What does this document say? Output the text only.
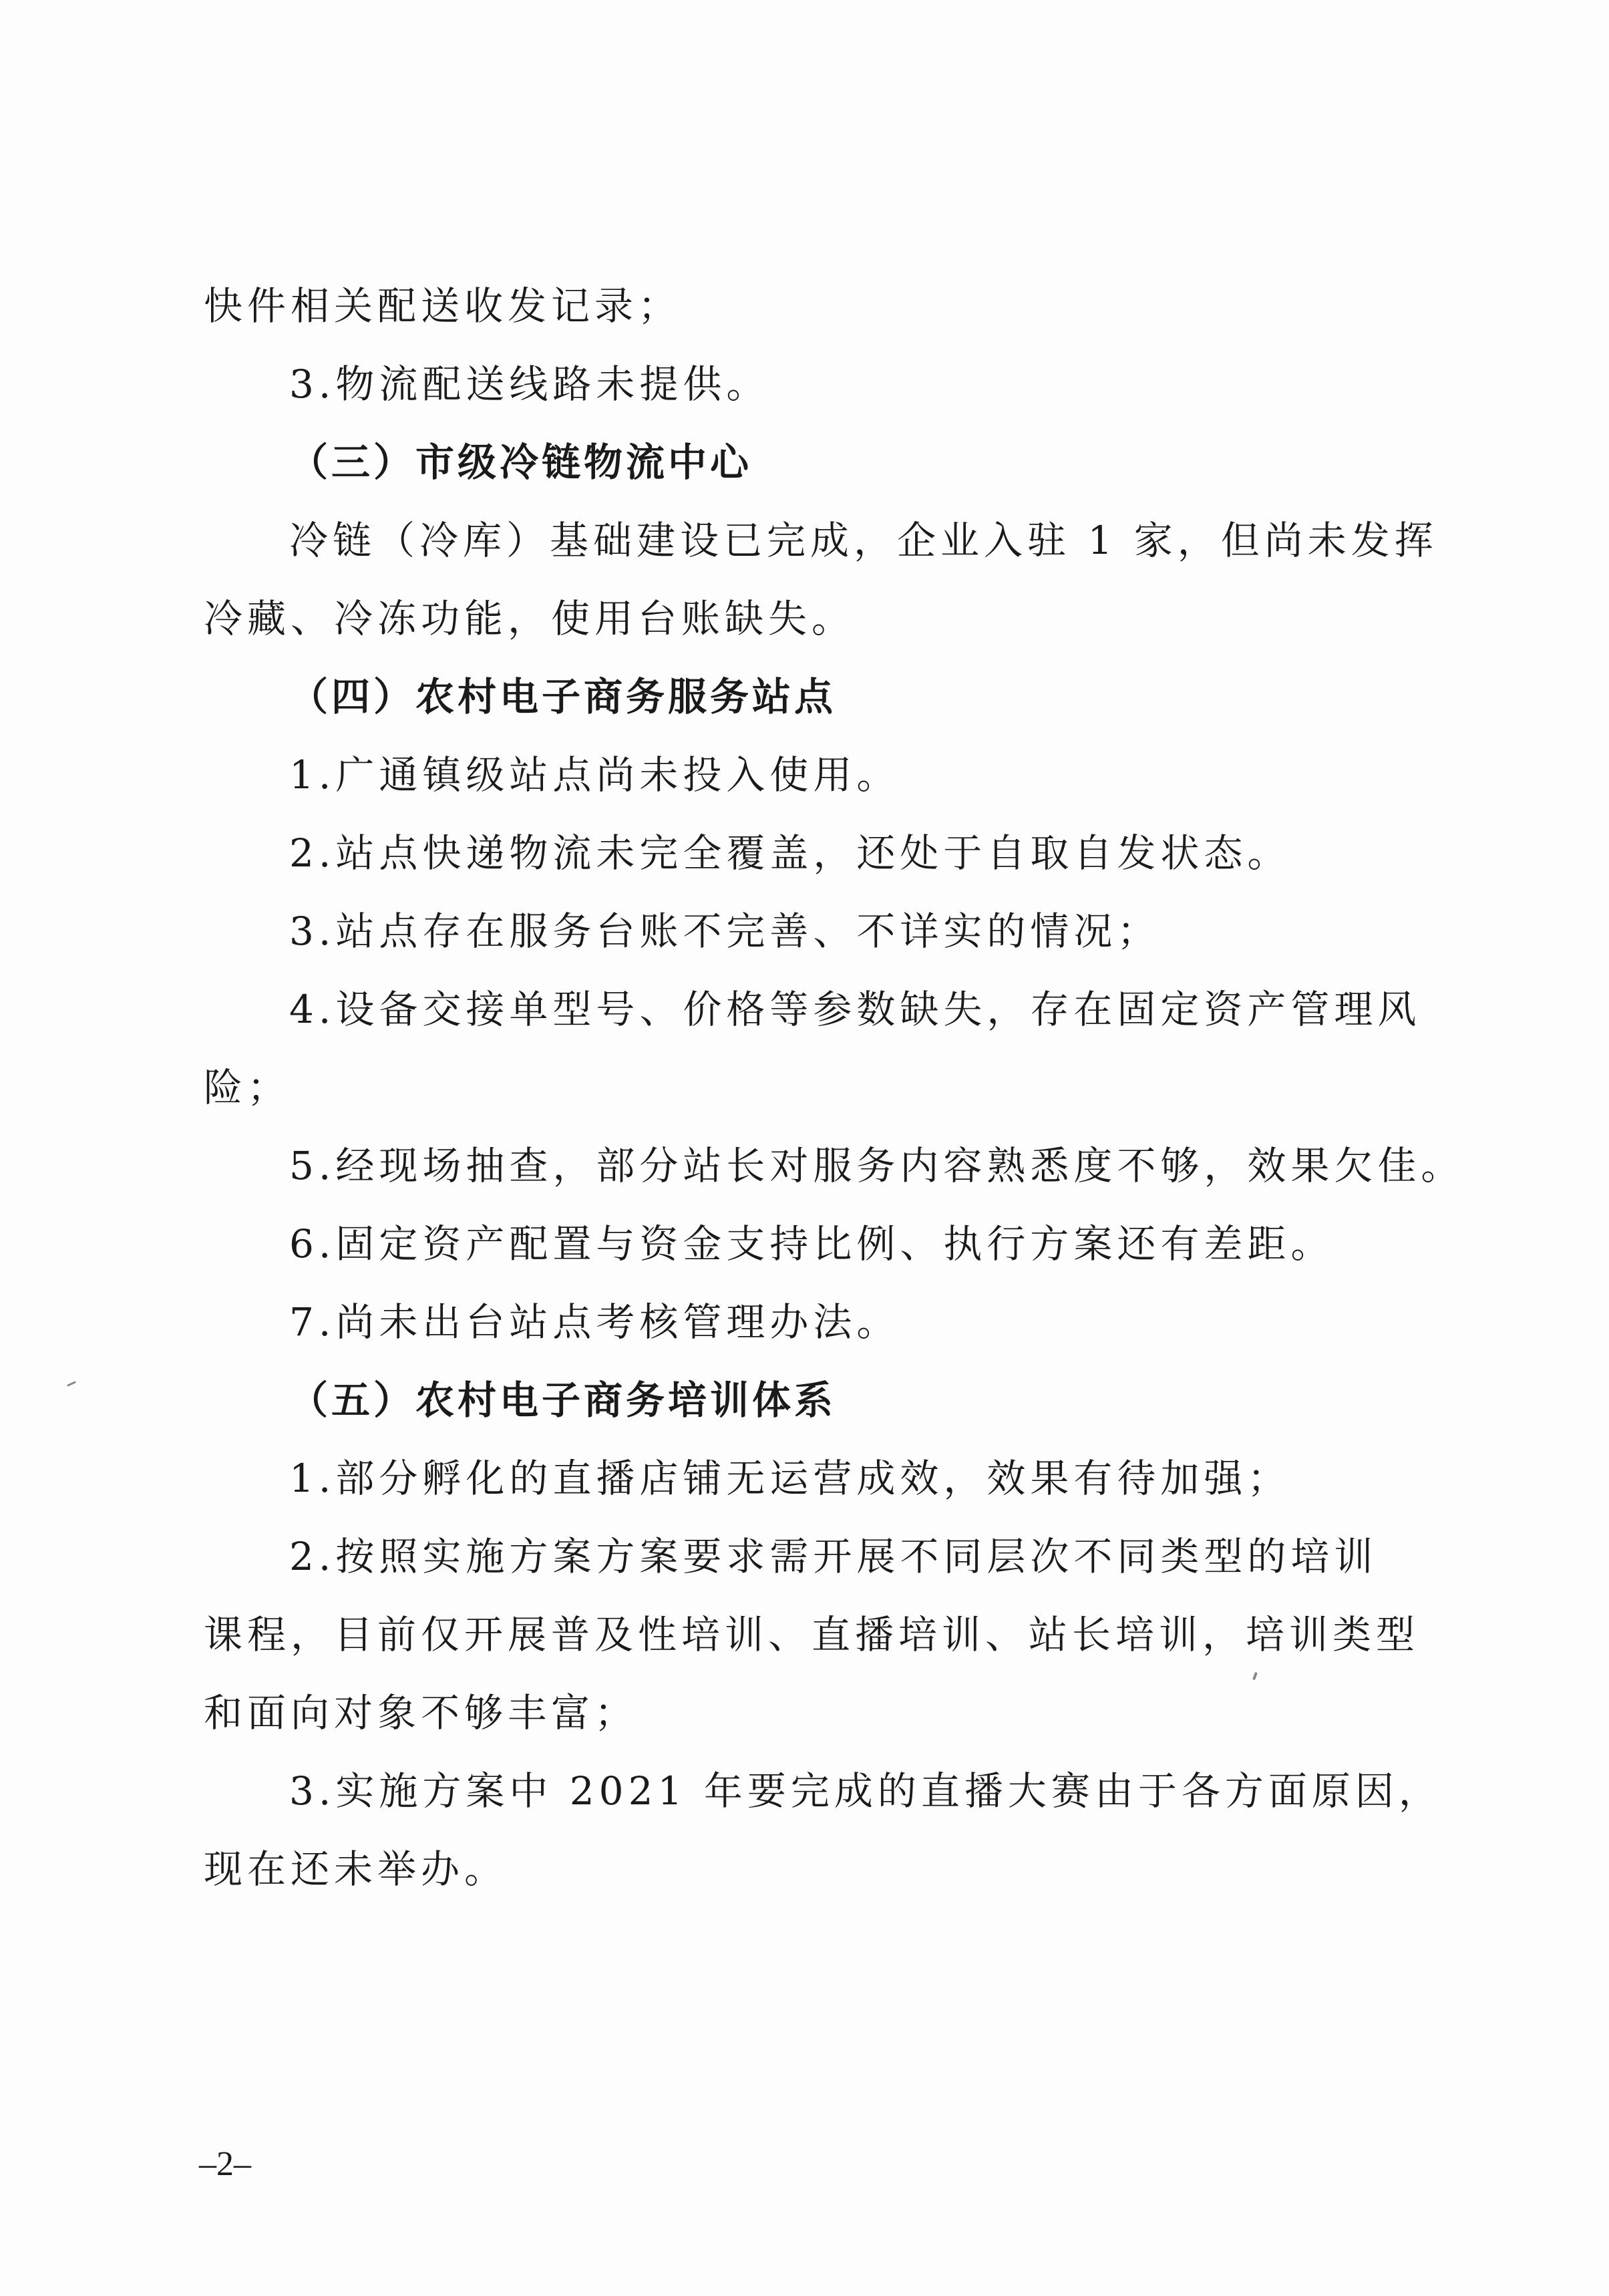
快件相关配送收发记录；
3.物流配送线路未提供。
（三）市级冷链物流中心
冷链（冷库）基础建设已完成，企业入驻 1 家，但尚未发挥
冷藏、冷冻功能，使用台账缺失。
（四）农村电子商务服务站点
1.广通镇级站点尚未投入使用。
2.站点快递物流未完全覆盖，还处于自取自发状态。
3.站点存在服务台账不完善、不详实的情况；
4.设备交接单型号、价格等参数缺失，存在固定资产管理风
险；
5.经现场抽查，部分站长对服务内容熟悉度不够，效果欠佳。
6.固定资产配置与资金支持比例、执行方案还有差距。
7.尚未出台站点考核管理办法。
（五）农村电子商务培训体系
1.部分孵化的直播店铺无运营成效，效果有待加强；
2.按照实施方案方案要求需开展不同层次不同类型的培训
课程，目前仅开展普及性培训、直播培训、站长培训，培训类型
和面向对象不够丰富；
3.实施方案中 2021 年要完成的直播大赛由于各方面原因，
现在还未举办。
–2–
